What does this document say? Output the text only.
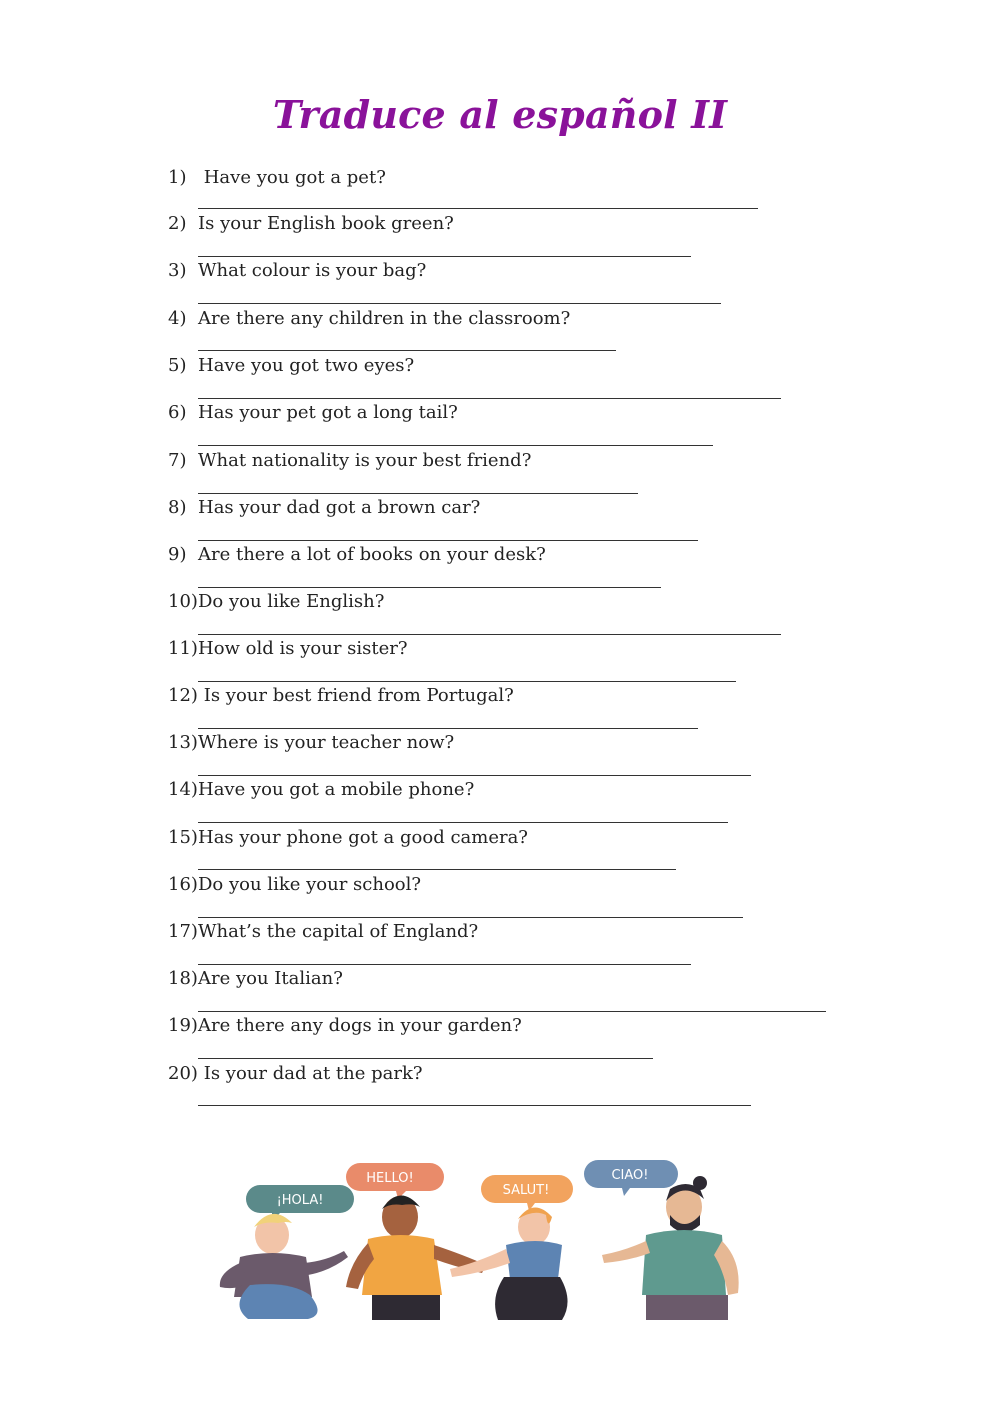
Traduce al español II
1) Have you got a pet?
2) Is your English book green?
3) What colour is your bag?
4) Are there any children in the classroom?
5) Have you got two eyes?
6) Has your pet got a long tail?
7) What nationality is your best friend?
8) Has your dad got a brown car?
9) Are there a lot of books on your desk?
10)Do you like English?
11)How old is your sister?
12) Is your best friend from Portugal?
13)Where is your teacher now?
14)Have you got a mobile phone?
15)Has your phone got a good camera?
16)Do you like your school?
17)What’s the capital of England?
18)Are you Italian?
19)Are there any dogs in your garden?
20) Is your dad at the park?
¡HOLA!
HELLO!
SALUT!
CIAO!
